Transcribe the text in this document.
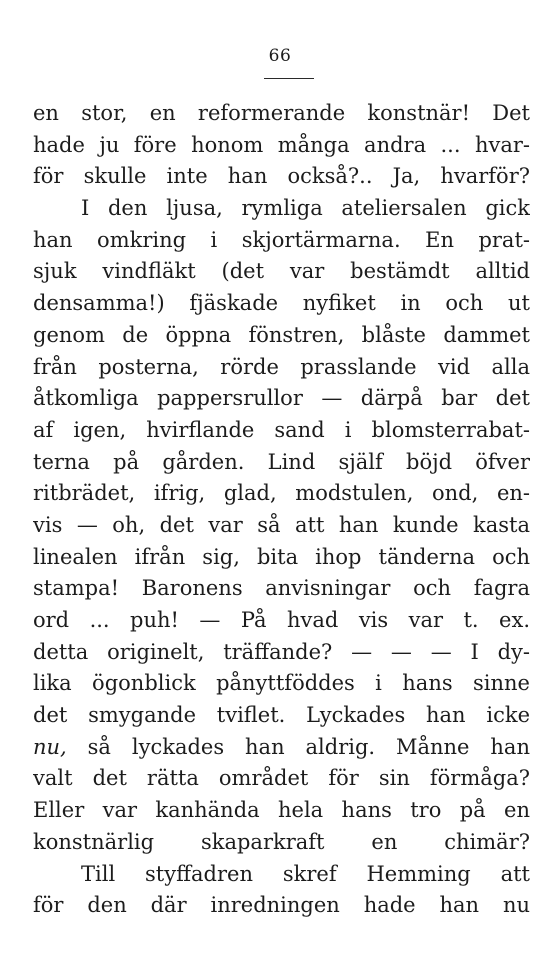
66
en stor, en reformerande konstnär! Det
hade ju före honom många andra ... hvar-
för skulle inte han också?.. Ja, hvarför?
I den ljusa, rymliga ateliersalen gick
han omkring i skjortärmarna. En prat-
sjuk vindfläkt (det var bestämdt alltid
densamma!) fjäskade nyfiket in och ut
genom de öppna fönstren, blåste dammet
från posterna, rörde prasslande vid alla
åtkomliga pappersrullor — därpå bar det
af igen, hvirflande sand i blomsterrabat-
terna på gården. Lind själf böjd öfver
ritbrädet, ifrig, glad, modstulen, ond, en-
vis — oh, det var så att han kunde kasta
linealen ifrån sig, bita ihop tänderna och
stampa! Baronens anvisningar och fagra
ord ... puh! — På hvad vis var t. ex.
detta originelt, träffande? — — — I dy-
lika ögonblick pånyttföddes i hans sinne
det smygande tviflet. Lyckades han icke
nu, så lyckades han aldrig. Månne han
valt det rätta området för sin förmåga?
Eller var kanhända hela hans tro på en
konstnärlig skaparkraft en chimär?
Till styffadren skref Hemming att
för den där inredningen hade han nu
